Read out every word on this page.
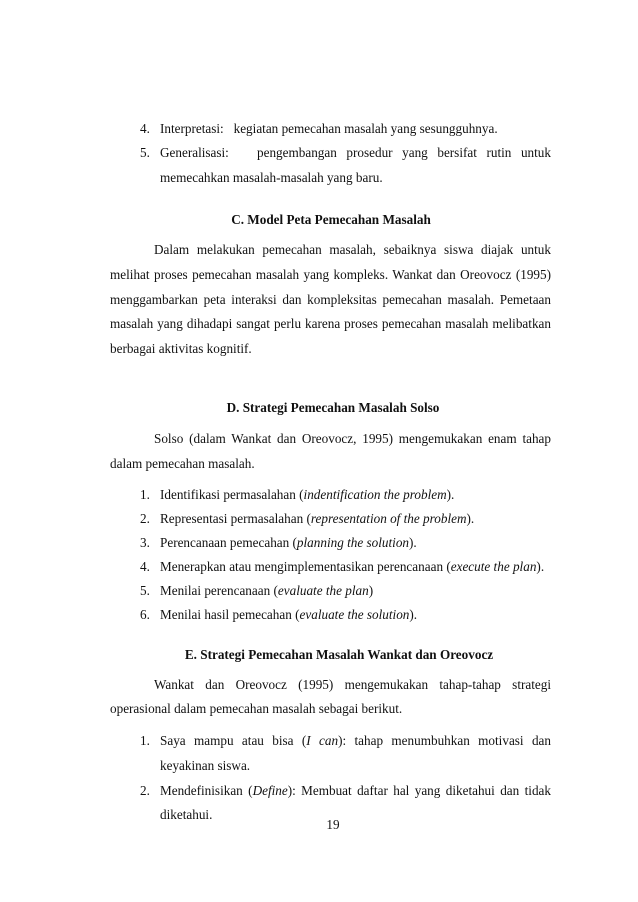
4. Interpretasi: kegiatan pemecahan masalah yang sesungguhnya.
5. Generalisasi: pengembangan prosedur yang bersifat rutin untuk
memecahkan masalah-masalah yang baru.
C. Model Peta Pemecahan Masalah
Dalam melakukan pemecahan masalah, sebaiknya siswa diajak untuk
melihat proses pemecahan masalah yang kompleks. Wankat dan Oreovocz (1995)
menggambarkan peta interaksi dan kompleksitas pemecahan masalah. Pemetaan
masalah yang dihadapi sangat perlu karena proses pemecahan masalah melibatkan
berbagai aktivitas kognitif.
D. Strategi Pemecahan Masalah Solso
Solso (dalam Wankat dan Oreovocz, 1995) mengemukakan enam tahap
dalam pemecahan masalah.
1. Identifikasi permasalahan (indentification the problem).
2. Representasi permasalahan (representation of the problem).
3. Perencanaan pemecahan (planning the solution).
4. Menerapkan atau mengimplementasikan perencanaan (execute the plan).
5. Menilai perencanaan (evaluate the plan)
6. Menilai hasil pemecahan (evaluate the solution).
E. Strategi Pemecahan Masalah Wankat dan Oreovocz
Wankat dan Oreovocz (1995) mengemukakan tahap-tahap strategi
operasional dalam pemecahan masalah sebagai berikut.
1. Saya mampu atau bisa (I can): tahap menumbuhkan motivasi dan
keyakinan siswa.
2. Mendefinisikan (Define): Membuat daftar hal yang diketahui dan tidak
diketahui.
19
